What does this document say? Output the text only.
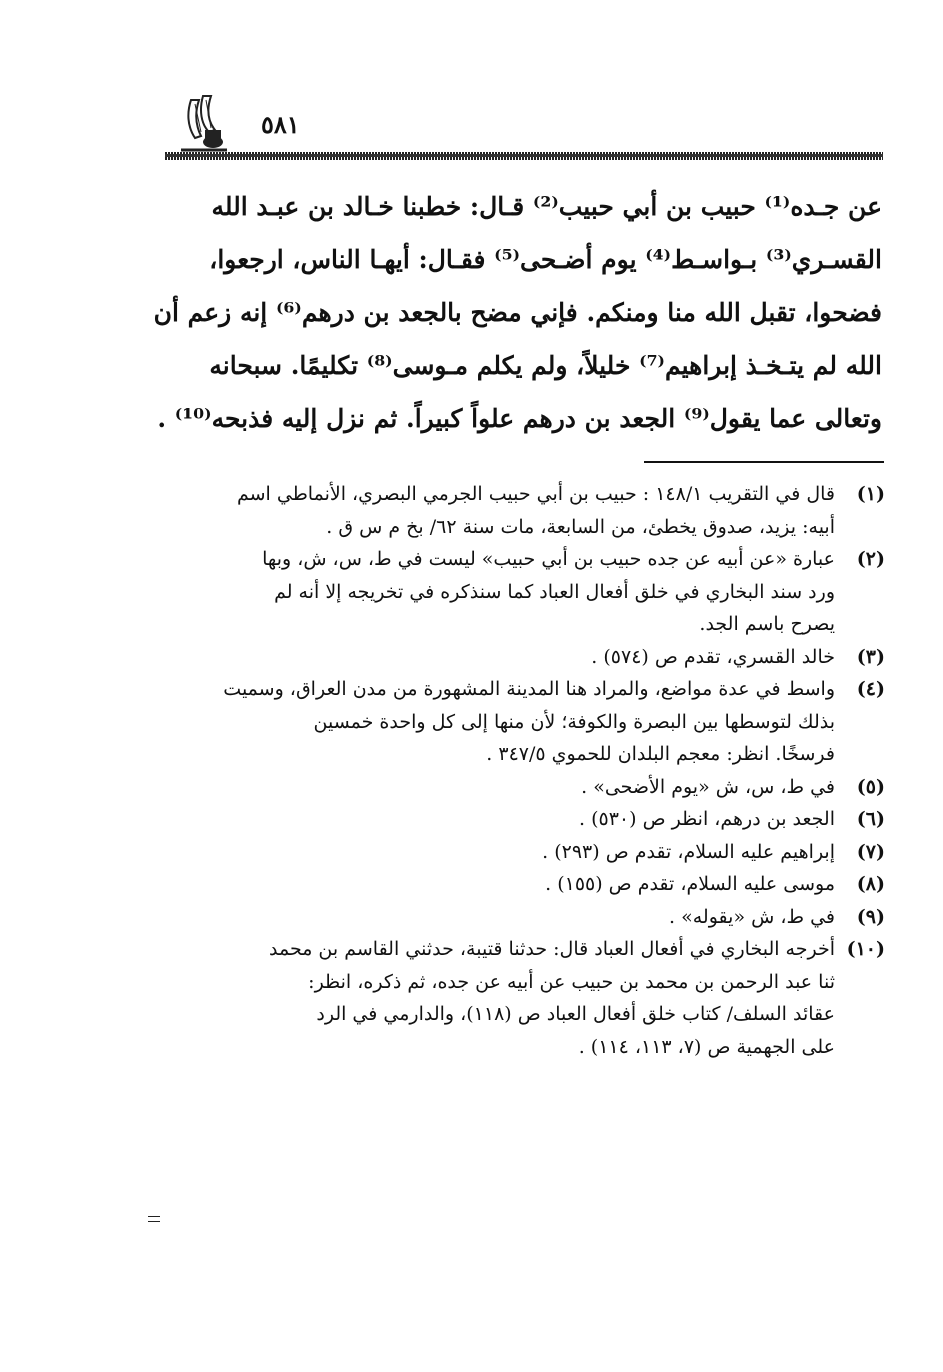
٥٨١
عن جـده⁽¹⁾ حبيب بن أبي حبيب⁽²⁾ قـال: خطبنا خـالد بن عبـد الله
القسـري⁽³⁾ بـواسـط⁽⁴⁾ يوم أضـحى⁽⁵⁾ فقـال: أيهـا الناس، ارجعوا،
فضحوا، تقبل الله منا ومنكم. فإني مضح بالجعد بن درهم⁽⁶⁾ إنه زعم أن
الله لم يتـخـذ إبراهيم⁽⁷⁾ خليلاً، ولم يكلم مـوسى⁽⁸⁾ تكليمًا. سبحانه
وتعالى عما يقول⁽⁹⁾ الجعد بن درهم علواً كبيراً. ثم نزل إليه فذبحه⁽¹⁰⁾ .
(١)
قال في التقريب ١٤٨/١ : حبيب بن أبي حبيب الجرمي البصري، الأنماطي اسم
أبيه: يزيد، صدوق يخطئ، من السابعة، مات سنة ٦٢/ بخ م س ق .
(٢)
عبارة «عن أبيه عن جده حبيب بن أبي حبيب» ليست في ط، س، ش، وبها
ورد سند البخاري في خلق أفعال العباد كما سنذكره في تخريجه إلا أنه لم
يصرح باسم الجد.
(٣)
خالد القسري، تقدم ص (٥٧٤) .
(٤)
واسط في عدة مواضع، والمراد هنا المدينة المشهورة من مدن العراق، وسميت
بذلك لتوسطها بين البصرة والكوفة؛ لأن منها إلى كل واحدة خمسين
فرسخًا. انظر: معجم البلدان للحموي ٣٤٧/٥ .
(٥)
في ط، س، ش «يوم الأضحى» .
(٦)
الجعد بن درهم، انظر ص (٥٣٠) .
(٧)
إبراهيم عليه السلام، تقدم ص (٢٩٣) .
(٨)
موسى عليه السلام، تقدم ص (١٥٥) .
(٩)
في ط، ش «يقوله» .
(١٠)
أخرجه البخاري في أفعال العباد قال: حدثنا قتيبة، حدثني القاسم بن محمد
ثنا عبد الرحمن بن محمد بن حبيب عن أبيه عن جده، ثم ذكره، انظر:
عقائد السلف/ كتاب خلق أفعال العباد ص (١١٨)، والدارمي في الرد
على الجهمية ص (٧، ١١٣، ١١٤) .
